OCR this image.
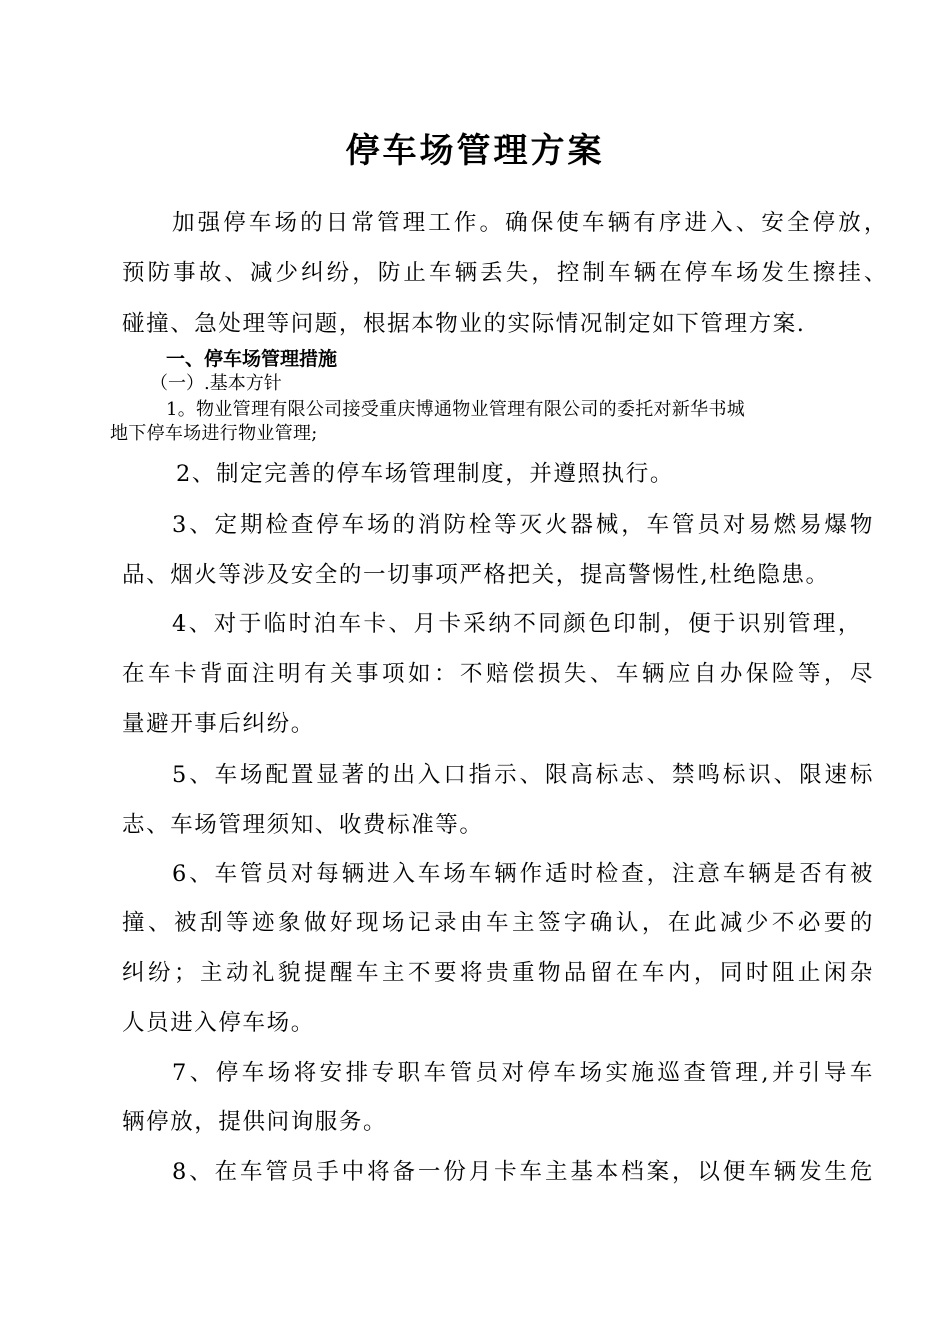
停车场管理方案
加强停车场的日常管理工作。确保使车辆有序进入、安全停放，
预防事故、减少纠纷，防止车辆丢失，控制车辆在停车场发生擦挂、
碰撞、急处理等问题，根据本物业的实际情况制定如下管理方案.
一、停车场管理措施
（一）.基本方针
1。物业管理有限公司接受重庆博通物业管理有限公司的委托对新华书城
地下停车场进行物业管理;
2、制定完善的停车场管理制度，并遵照执行。
3、定期检查停车场的消防栓等灭火器械，车管员对易燃易爆物
品、烟火等涉及安全的一切事项严格把关，提高警惕性,杜绝隐患。
4、对于临时泊车卡、月卡采纳不同颜色印制，便于识别管理，
在车卡背面注明有关事项如：不赔偿损失、车辆应自办保险等，尽
量避开事后纠纷。
5、车场配置显著的出入口指示、限高标志、禁鸣标识、限速标
志、车场管理须知、收费标准等。
6、车管员对每辆进入车场车辆作适时检查，注意车辆是否有被
撞、被刮等迹象做好现场记录由车主签字确认，在此减少不必要的
纠纷；主动礼貌提醒车主不要将贵重物品留在车内，同时阻止闲杂
人员进入停车场。
7、停车场将安排专职车管员对停车场实施巡查管理,并引导车
辆停放，提供问询服务。
8、在车管员手中将备一份月卡车主基本档案，以便车辆发生危
